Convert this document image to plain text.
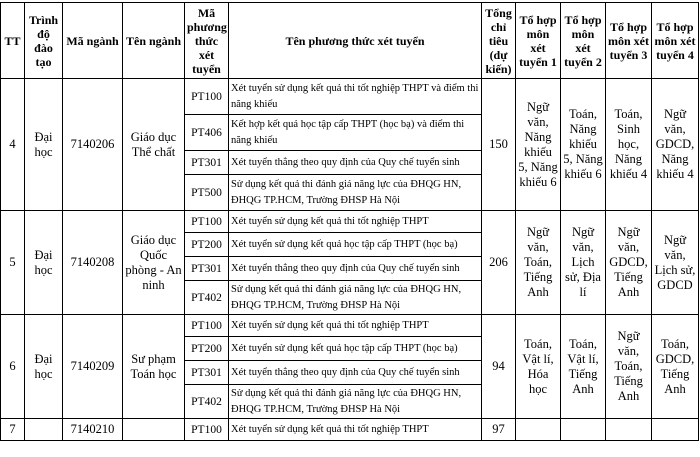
TT	Trình độ đào tạo	Mã ngành	Tên ngành	Mã phương thức xét tuyển	Tên phương thức xét tuyển	Tổng chỉ tiêu (dự kiến)	Tổ hợp môn xét tuyển 1	Tổ hợp môn xét tuyển 2	Tổ hợp môn xét tuyển 3	Tổ hợp môn xét tuyển 4
4	Đại học	7140206	Giáo dục Thể chất	PT100	Xét tuyển sử dụng kết quả thi tốt nghiệp THPT và điểm thi năng khiếu	150	Ngữ văn, Năng khiếu 5, Năng khiếu 6	Toán, Năng khiếu 5, Năng khiếu 6	Toán, Sinh học, Năng khiếu 4	Ngữ văn, GDCD, Năng khiếu 4
				PT406	Kết hợp kết quả học tập cấp THPT (học bạ) và điểm thi năng khiếu					
				PT301	Xét tuyển thẳng theo quy định của Quy chế tuyển sinh					
				PT500	Sử dụng kết quả thi đánh giá năng lực của ĐHQG HN, ĐHQG TP.HCM, Trường ĐHSP Hà Nội					
5	Đại học	7140208	Giáo dục Quốc phòng - An ninh	PT100	Xét tuyển sử dụng kết quả thi tốt nghiệp THPT	206	Ngữ văn, Toán, Tiếng Anh	Ngữ văn, Lịch sử, Địa lí	Ngữ văn, GDCD, Tiếng Anh	Ngữ văn, Lịch sử, GDCD
				PT200	Xét tuyển sử dụng kết quả học tập cấp THPT (học bạ)					
				PT301	Xét tuyển thẳng theo quy định của Quy chế tuyển sinh					
				PT402	Sử dụng kết quả thi đánh giá năng lực của ĐHQG HN, ĐHQG TP.HCM, Trường ĐHSP Hà Nội					
6	Đại học	7140209	Sư phạm Toán học	PT100	Xét tuyển sử dụng kết quả thi tốt nghiệp THPT	94	Toán, Vật lí, Hóa học	Toán, Vật lí, Tiếng Anh	Ngữ văn, Toán, Tiếng Anh	Toán, GDCD, Tiếng Anh
				PT200	Xét tuyển sử dụng kết quả học tập cấp THPT (học bạ)					
				PT301	Xét tuyển thẳng theo quy định của Quy chế tuyển sinh					
				PT402	Sử dụng kết quả thi đánh giá năng lực của ĐHQG HN, ĐHQG TP.HCM, Trường ĐHSP Hà Nội					
7		7140210		PT100	Xét tuyển sử dụng kết quả thi tốt nghiệp THPT	97				
